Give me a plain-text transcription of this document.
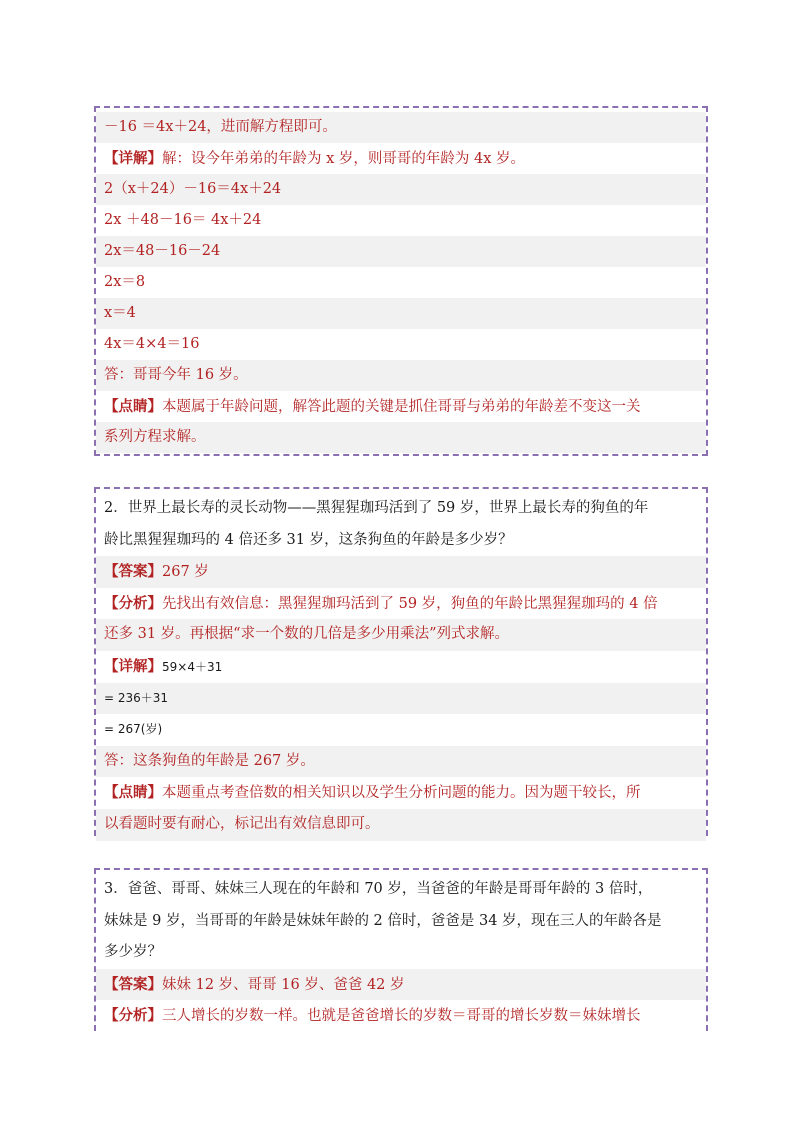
－16 ＝4x＋24，进而解方程即可。
【详解】解：设今年弟弟的年龄为 x 岁，则哥哥的年龄为 4x 岁。
2（x＋24）－16＝4x＋24
2x ＋48－16＝ 4x＋24
2x＝48－16－24
2x＝8
x＝4
4x＝4×4＝16
答：哥哥今年 16 岁。
【点睛】本题属于年龄问题，解答此题的关键是抓住哥哥与弟弟的年龄差不变这一关
系列方程求解。
2．世界上最长寿的灵长动物——黑猩猩珈玛活到了 59 岁，世界上最长寿的狗鱼的年
龄比黑猩猩珈玛的 4 倍还多 31 岁，这条狗鱼的年龄是多少岁？
【答案】267 岁
【分析】先找出有效信息：黑猩猩珈玛活到了 59 岁，狗鱼的年龄比黑猩猩珈玛的 4 倍
还多 31 岁。再根据“求一个数的几倍是多少用乘法”列式求解。
【详解】59×4＋31
= 236＋31
= 267(岁)
答：这条狗鱼的年龄是 267 岁。
【点睛】本题重点考查倍数的相关知识以及学生分析问题的能力。因为题干较长，所
以看题时要有耐心，标记出有效信息即可。
3．爸爸、哥哥、妹妹三人现在的年龄和 70 岁，当爸爸的年龄是哥哥年龄的 3 倍时，
妹妹是 9 岁，当哥哥的年龄是妹妹年龄的 2 倍时，爸爸是 34 岁，现在三人的年龄各是
多少岁？
【答案】妹妹 12 岁、哥哥 16 岁、爸爸 42 岁
【分析】三人增长的岁数一样。也就是爸爸增长的岁数＝哥哥的增长岁数＝妹妹增长
